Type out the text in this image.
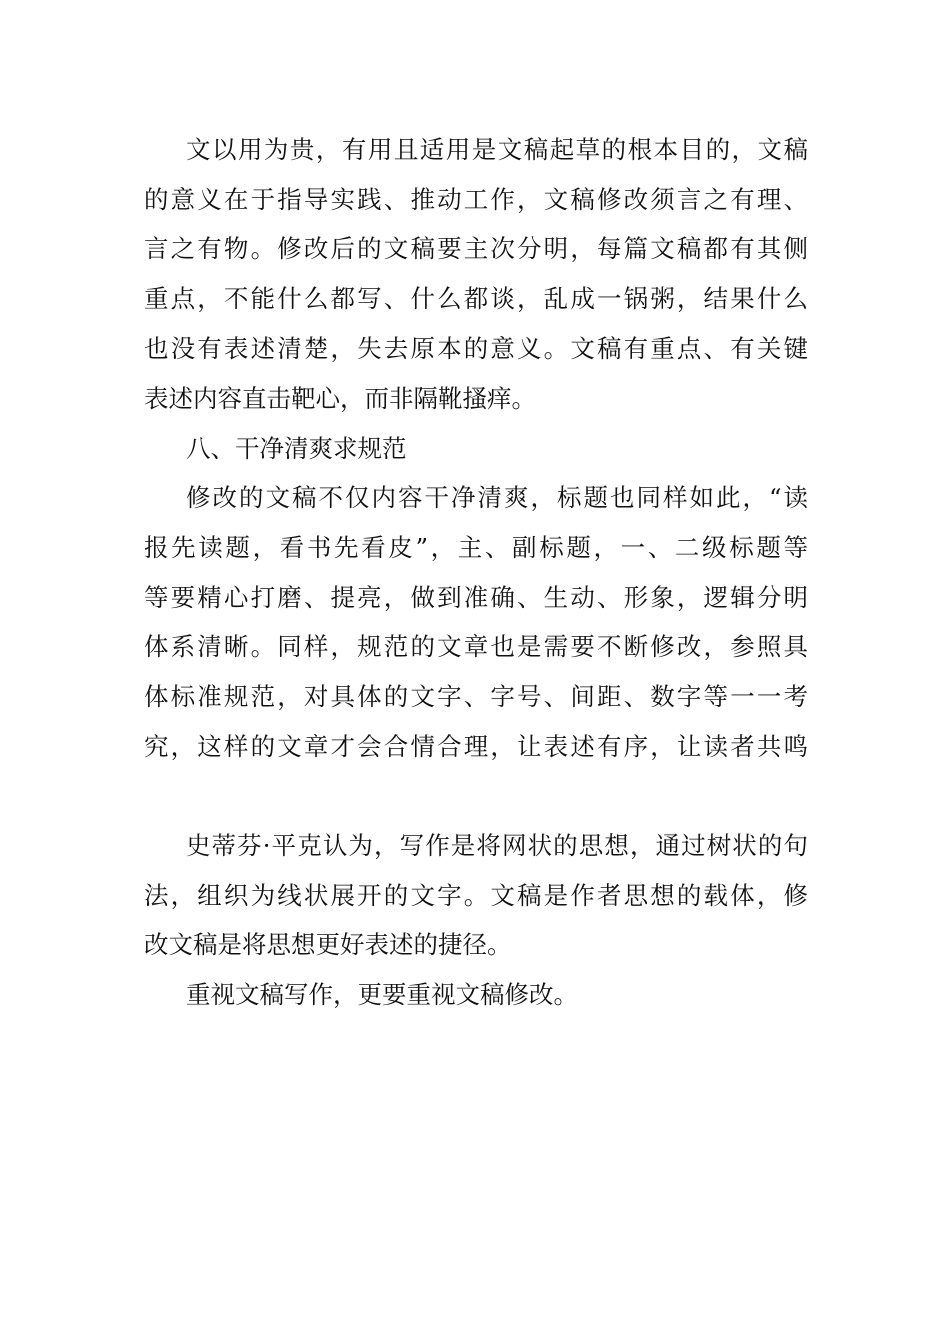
文以用为贵，有用且适用是文稿起草的根本目的，文稿

的意义在于指导实践、推动工作，文稿修改须言之有理、

言之有物。修改后的文稿要主次分明，每篇文稿都有其侧

重点，不能什么都写、什么都谈，乱成一锅粥，结果什么

也没有表述清楚，失去原本的意义。文稿有重点、有关键

表述内容直击靶心，而非隔靴搔痒。

八、干净清爽求规范

修改的文稿不仅内容干净清爽，标题也同样如此，“读

报先读题，看书先看皮”，主、副标题，一、二级标题等

等要精心打磨、提亮，做到准确、生动、形象，逻辑分明

体系清晰。同样，规范的文章也是需要不断修改，参照具

体标准规范，对具体的文字、字号、间距、数字等一一考

究，这样的文章才会合情合理，让表述有序，让读者共鸣

史蒂芬·平克认为，写作是将网状的思想，通过树状的句

法，组织为线状展开的文字。文稿是作者思想的载体，修

改文稿是将思想更好表述的捷径。

重视文稿写作，更要重视文稿修改。
